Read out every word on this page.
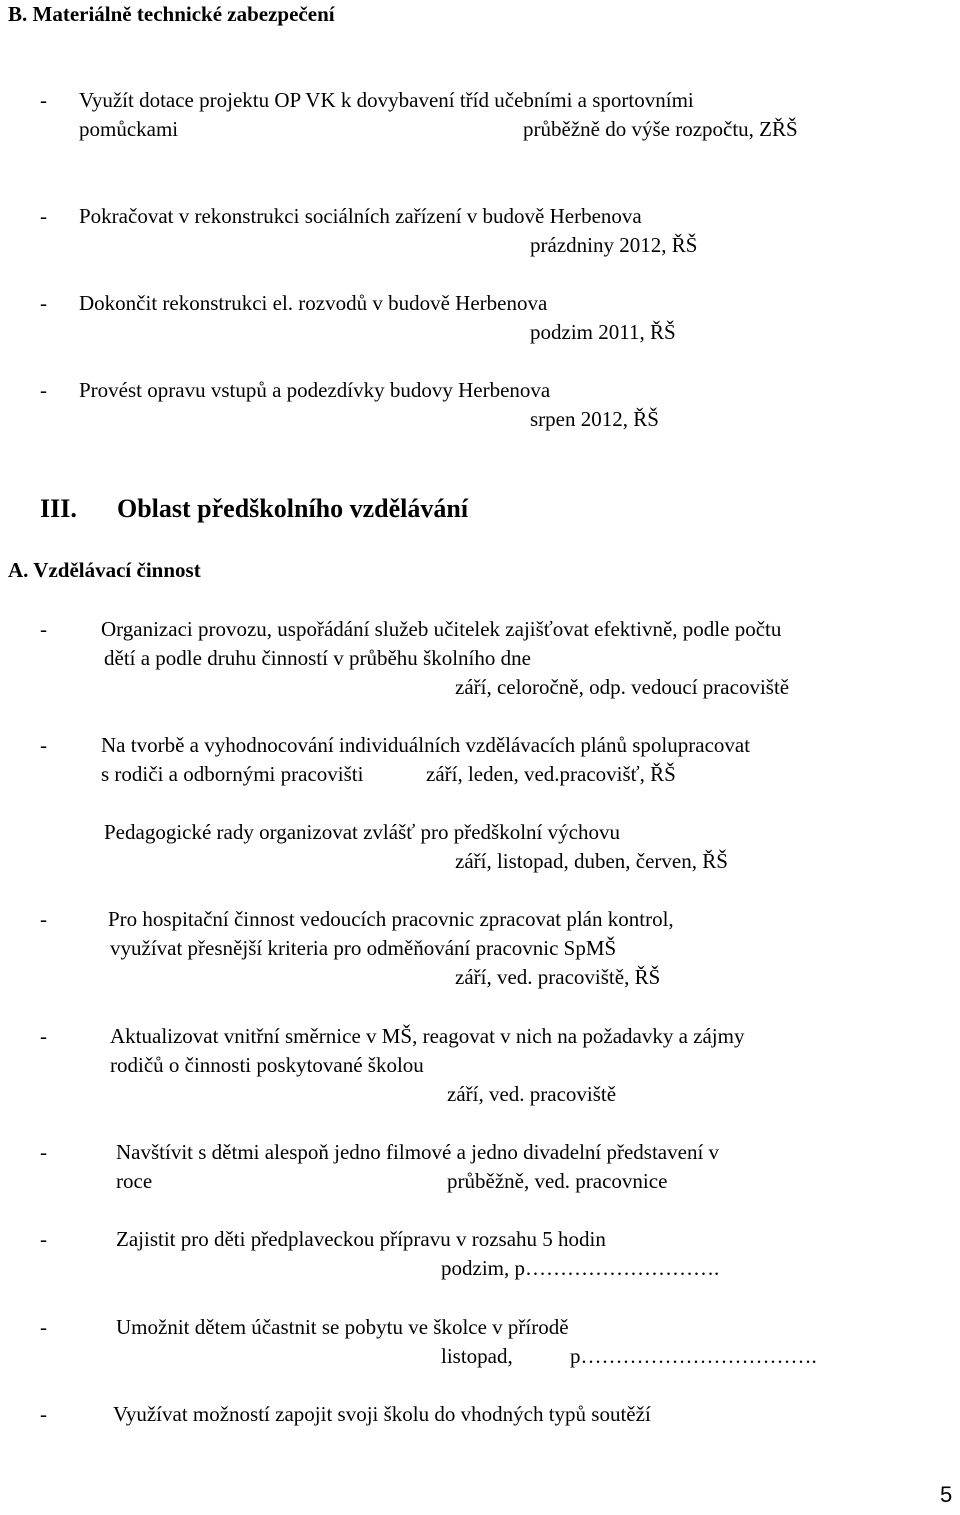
B. Materiálně technické zabezpečení

- Využít dotace projektu OP VK k dovybavení tříd učebními a sportovními
pomůckami	průběžně do výše rozpočtu, ZŘŠ
- Pokračovat v rekonstrukci sociálních zařízení v budově Herbenova
prázdniny 2012, ŘŠ
- Dokončit rekonstrukci el. rozvodů v budově Herbenova
podzim 2011, ŘŠ
- Provést opravu vstupů a podezdívky budovy Herbenova
srpen 2012, ŘŠ

III. Oblast předškolního vzdělávání

A. Vzdělávací činnost

-	Organizaci provozu, uspořádání služeb učitelek zajišťovat efektivně, podle počtu
dětí a podle druhu činností v průběhu školního dne
září, celoročně, odp. vedoucí pracoviště
-	Na tvorbě a vyhodnocování individuálních vzdělávacích plánů spolupracovat
s rodiči a odbornými pracovišti	září, leden, ved.pracovišť, ŘŠ
Pedagogické rady organizovat zvlášť pro předškolní výchovu
září, listopad, duben, červen, ŘŠ
-	Pro hospitační činnost vedoucích pracovnic zpracovat plán kontrol,
využívat přesnější kriteria pro odměňování pracovnic SpMŠ
září, ved. pracoviště, ŘŠ
-	Aktualizovat vnitřní směrnice v MŠ, reagovat v nich na požadavky a zájmy
rodičů o činnosti poskytované školou
září, ved. pracoviště
-	Navštívit s dětmi alespoň jedno filmové a jedno divadelní představení v
roce	průběžně, ved. pracovnice
-	Zajistit pro děti předplaveckou přípravu v rozsahu 5 hodin
podzim, p……………………….
-	Umožnit dětem účastnit se pobytu ve školce v přírodě
listopad,	p…………………………….
-	Využívat možností zapojit svoji školu do vhodných typů soutěží
5
